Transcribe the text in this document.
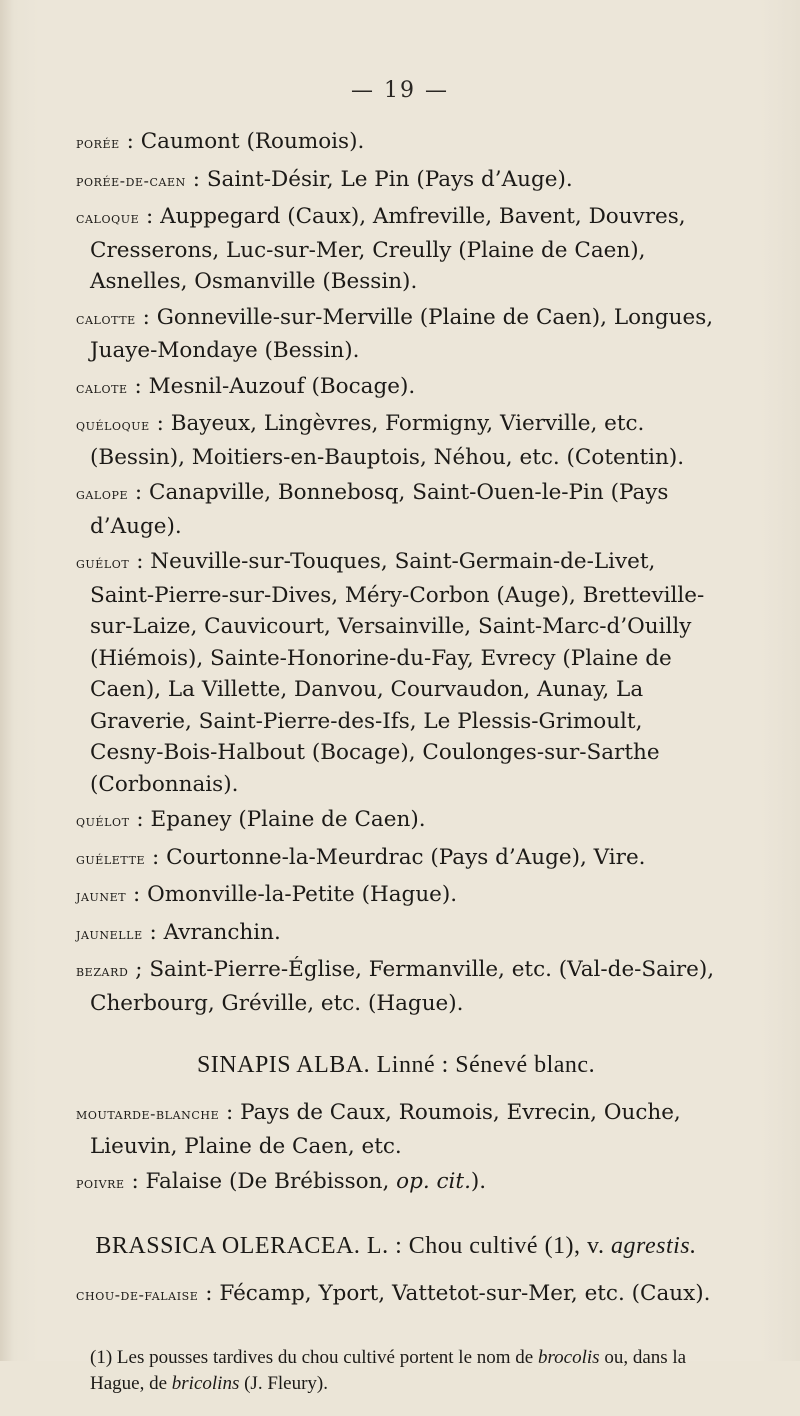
— 19 —

porée : Caumont (Roumois).

porée-de-caen : Saint-Désir, Le Pin (Pays d’Auge).

caloque : Auppegard (Caux), Amfreville, Bavent, Douvres, Cresserons, Luc-sur-Mer, Creully (Plaine de Caen), Asnelles, Osmanville (Bessin).

calotte : Gonneville-sur-Merville (Plaine de Caen), Longues, Juaye-Mondaye (Bessin).

calote : Mesnil-Auzouf (Bocage).

quéloque : Bayeux, Lingèvres, Formigny, Vierville, etc. (Bessin), Moitiers-en-Bauptois, Néhou, etc. (Cotentin).

galope : Canapville, Bonnebosq, Saint-Ouen-le-Pin (Pays d’Auge).

guélot : Neuville-sur-Touques, Saint-Germain-de-Livet, Saint-Pierre-sur-Dives, Méry-Corbon (Auge), Bretteville-sur-Laize, Cauvicourt, Versainville, Saint-Marc-d’Ouilly (Hiémois), Sainte-Honorine-du-Fay, Evrecy (Plaine de Caen), La Villette, Danvou, Courvaudon, Aunay, La Graverie, Saint-Pierre-des-Ifs, Le Plessis-Grimoult, Cesny-Bois-Halbout (Bocage), Coulonges-sur-Sarthe (Corbonnais).

quélot : Epaney (Plaine de Caen).

guélette : Courtonne-la-Meurdrac (Pays d’Auge), Vire.

jaunet : Omonville-la-Petite (Hague).

jaunelle : Avranchin.

bezard ; Saint-Pierre-Église, Fermanville, etc. (Val-de-Saire), Cherbourg, Gréville, etc. (Hague).

SINAPIS ALBA. Linné : Sénevé blanc.

moutarde-blanche : Pays de Caux, Roumois, Evrecin, Ouche, Lieuvin, Plaine de Caen, etc.

poivre : Falaise (De Brébisson, op. cit.).

BRASSICA OLERACEA. L. : Chou cultivé (1), v. agrestis.

chou-de-falaise : Fécamp, Yport, Vattetot-sur-Mer, etc. (Caux).

(1) Les pousses tardives du chou cultivé portent le nom de brocolis ou, dans la Hague, de bricolins (J. Fleury).
